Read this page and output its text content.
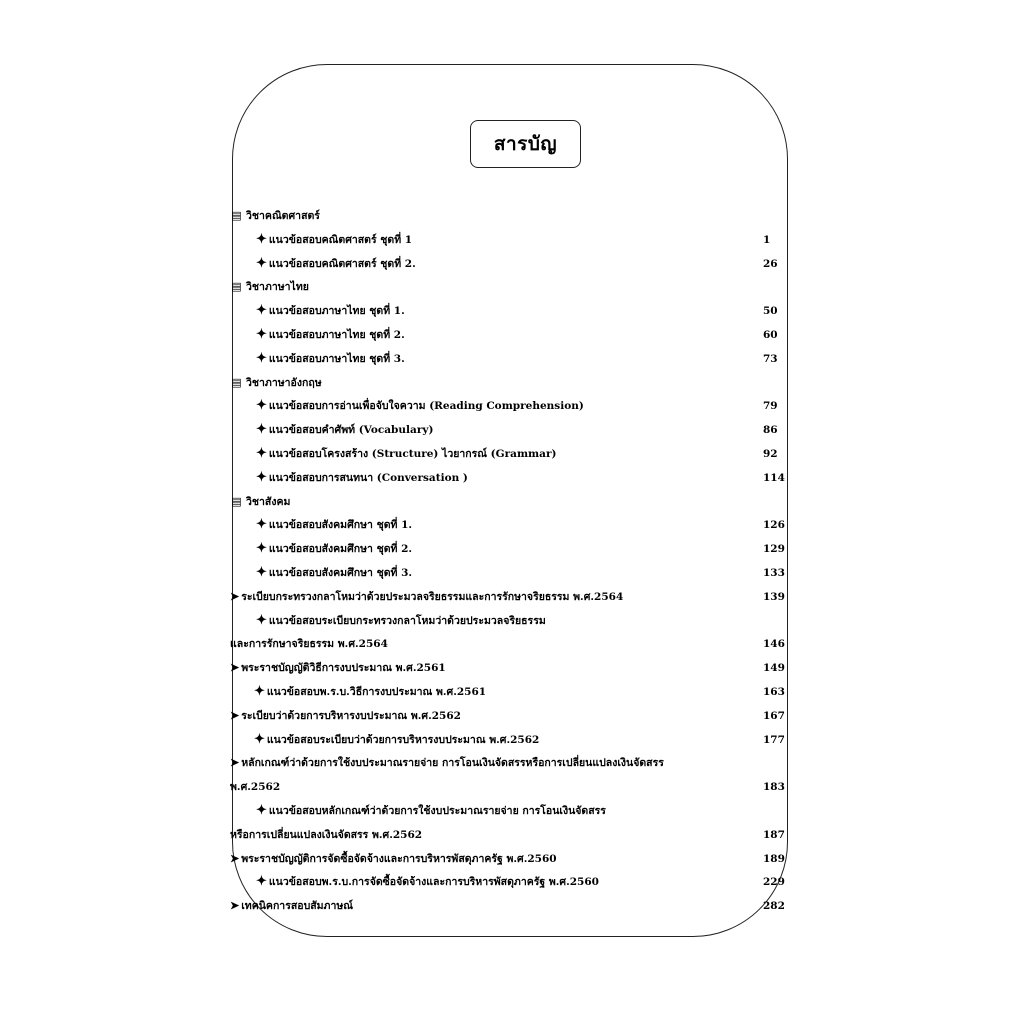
สารบัญ
▤ วิชาคณิตศาสตร์
✦ แนวข้อสอบคณิตศาสตร์ ชุดที่ 1	1
✦ แนวข้อสอบคณิตศาสตร์ ชุดที่ 2.	26
▤ วิชาภาษาไทย
✦ แนวข้อสอบภาษาไทย ชุดที่ 1.	50
✦ แนวข้อสอบภาษาไทย ชุดที่ 2.	60
✦ แนวข้อสอบภาษาไทย ชุดที่ 3.	73
▤ วิชาภาษาอังกฤษ
✦ แนวข้อสอบการอ่านเพื่อจับใจความ (Reading Comprehension)	79
✦ แนวข้อสอบคำศัพท์ (Vocabulary)	86
✦ แนวข้อสอบโครงสร้าง (Structure) ไวยากรณ์ (Grammar)	92
✦ แนวข้อสอบการสนทนา (Conversation )	114
▤ วิชาสังคม
✦ แนวข้อสอบสังคมศึกษา ชุดที่ 1.	126
✦ แนวข้อสอบสังคมศึกษา ชุดที่ 2.	129
✦ แนวข้อสอบสังคมศึกษา ชุดที่ 3.	133
➤ ระเบียบกระทรวงกลาโหมว่าด้วยประมวลจริยธรรมและการรักษาจริยธรรม พ.ศ.2564	139
✦ แนวข้อสอบระเบียบกระทรวงกลาโหมว่าด้วยประมวลจริยธรรม
และการรักษาจริยธรรม พ.ศ.2564	146
➤ พระราชบัญญัติวิธีการงบประมาณ พ.ศ.2561	149
✦ แนวข้อสอบพ.ร.บ.วิธีการงบประมาณ พ.ศ.2561	163
➤ ระเบียบว่าด้วยการบริหารงบประมาณ พ.ศ.2562	167
✦ แนวข้อสอบระเบียบว่าด้วยการบริหารงบประมาณ พ.ศ.2562	177
➤ หลักเกณฑ์ว่าด้วยการใช้งบประมาณรายจ่าย การโอนเงินจัดสรรหรือการเปลี่ยนแปลงเงินจัดสรร
พ.ศ.2562	183
✦ แนวข้อสอบหลักเกณฑ์ว่าด้วยการใช้งบประมาณรายจ่าย การโอนเงินจัดสรร
หรือการเปลี่ยนแปลงเงินจัดสรร พ.ศ.2562	187
➤ พระราชบัญญัติการจัดซื้อจัดจ้างและการบริหารพัสดุภาครัฐ พ.ศ.2560	189
✦ แนวข้อสอบพ.ร.บ.การจัดซื้อจัดจ้างและการบริหารพัสดุภาครัฐ พ.ศ.2560	229
➤ เทคนิคการสอบสัมภาษณ์	282
